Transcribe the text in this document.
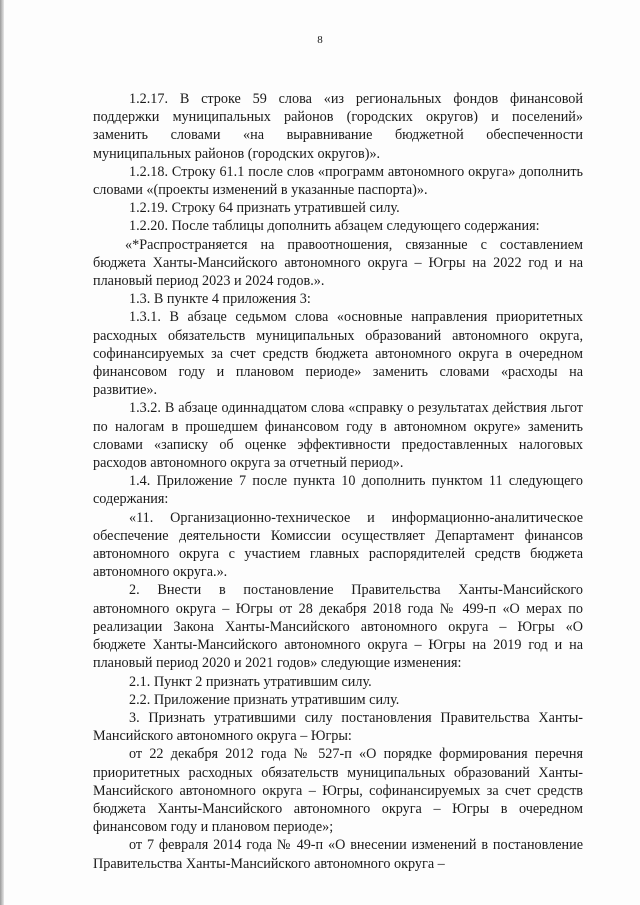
8

1.2.17. В строке 59 слова «из региональных фондов финансовой поддержки муниципальных районов (городских округов) и поселений» заменить словами «на выравнивание бюджетной обеспеченности муниципальных районов (городских округов)».

1.2.18. Строку 61.1 после слов «программ автономного округа» дополнить словами «(проекты изменений в указанные паспорта)».

1.2.19. Строку 64 признать утратившей силу.

1.2.20. После таблицы дополнить абзацем следующего содержания:

«*Распространяется на правоотношения, связанные с составлением бюджета Ханты-Мансийского автономного округа – Югры на 2022 год и на плановый период 2023 и 2024 годов.».

1.3. В пункте 4 приложения 3:

1.3.1. В абзаце седьмом слова «основные направления приоритетных расходных обязательств муниципальных образований автономного округа, софинансируемых за счет средств бюджета автономного округа в очередном финансовом году и плановом периоде» заменить словами «расходы на развитие».

1.3.2. В абзаце одиннадцатом слова «справку о результатах действия льгот по налогам в прошедшем финансовом году в автономном округе» заменить словами «записку об оценке эффективности предоставленных налоговых расходов автономного округа за отчетный период».

1.4. Приложение 7 после пункта 10 дополнить пунктом 11 следующего содержания:

«11. Организационно-техническое и информационно-аналитическое обеспечение деятельности Комиссии осуществляет Департамент финансов автономного округа с участием главных распорядителей средств бюджета автономного округа.».

2. Внести в постановление Правительства Ханты-Мансийского автономного округа – Югры от 28 декабря 2018 года № 499-п «О мерах по реализации Закона Ханты-Мансийского автономного округа – Югры «О бюджете Ханты-Мансийского автономного округа – Югры на 2019 год и на плановый период 2020 и 2021 годов» следующие изменения:

2.1. Пункт 2 признать утратившим силу.

2.2. Приложение признать утратившим силу.

3. Признать утратившими силу постановления Правительства Ханты-Мансийского автономного округа – Югры:

от 22 декабря 2012 года № 527-п «О порядке формирования перечня приоритетных расходных обязательств муниципальных образований Ханты-Мансийского автономного округа – Югры, софинансируемых за счет средств бюджета Ханты-Мансийского автономного округа – Югры в очередном финансовом году и плановом периоде»;

от 7 февраля 2014 года № 49-п «О внесении изменений в постановление Правительства Ханты-Мансийского автономного округа –
